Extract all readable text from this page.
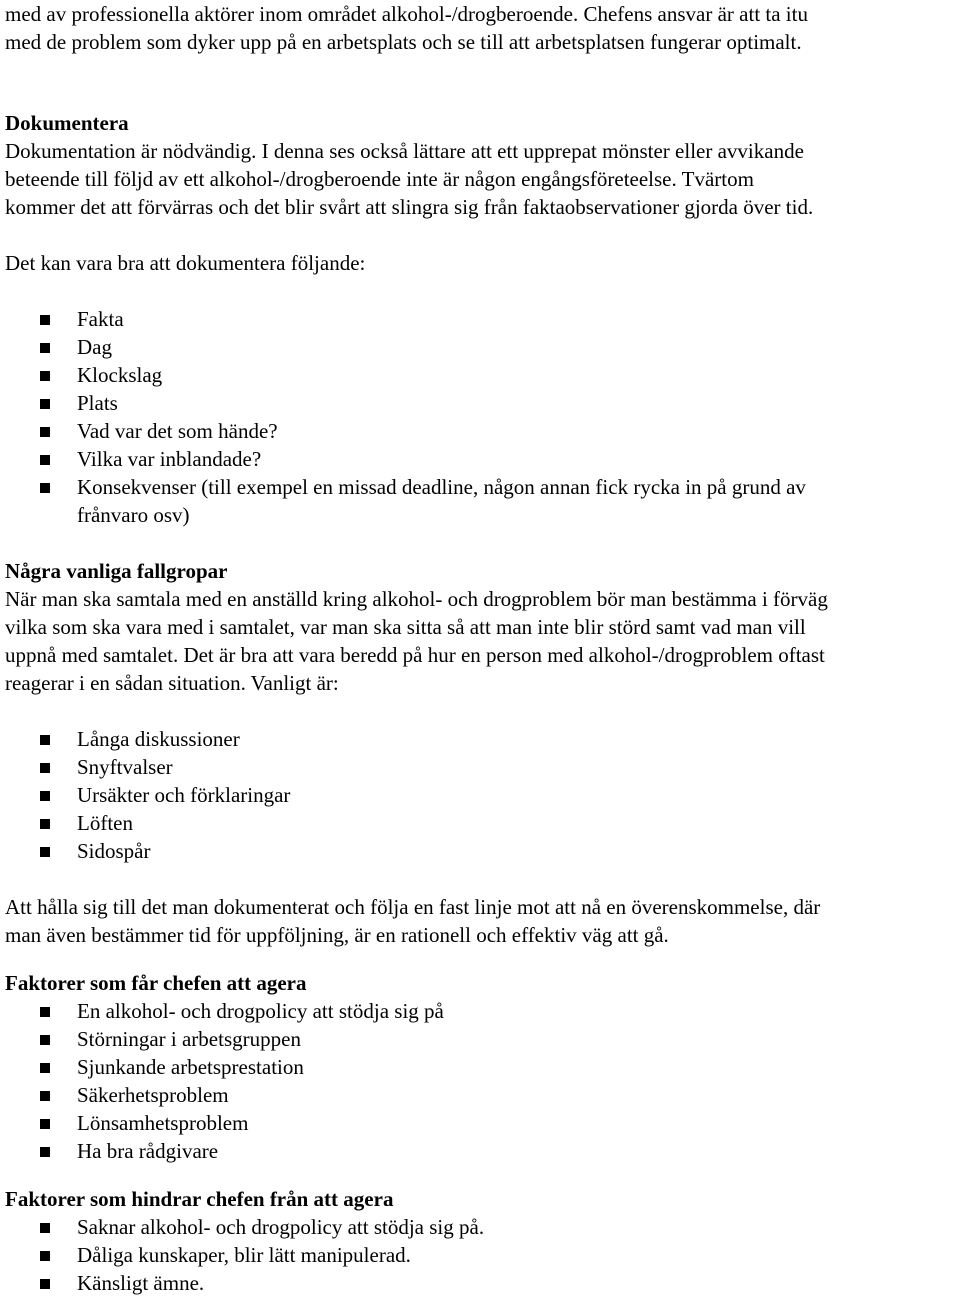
med av professionella aktörer inom området alkohol-/drogberoende. Chefens ansvar är att ta itu

med de problem som dyker upp på en arbetsplats och se till att arbetsplatsen fungerar optimalt.

Dokumentera

Dokumentation är nödvändig. I denna ses också lättare att ett upprepat mönster eller avvikande

beteende till följd av ett alkohol-/drogberoende inte är någon engångsföreteelse. Tvärtom

kommer det att förvärras och det blir svårt att slingra sig från faktaobservationer gjorda över tid.

Det kan vara bra att dokumentera följande:

Fakta
Dag
Klockslag
Plats
Vad var det som hände?
Vilka var inblandade?
Konsekvenser (till exempel en missad deadline, någon annan fick rycka in på grund av
frånvaro osv)

Några vanliga fallgropar

När man ska samtala med en anställd kring alkohol- och drogproblem bör man bestämma i förväg

vilka som ska vara med i samtalet, var man ska sitta så att man inte blir störd samt vad man vill

uppnå med samtalet. Det är bra att vara beredd på hur en person med alkohol-/drogproblem oftast

reagerar i en sådan situation. Vanligt är:

Långa diskussioner
Snyftvalser
Ursäkter och förklaringar
Löften
Sidospår

Att hålla sig till det man dokumenterat och följa en fast linje mot att nå en överenskommelse, där

man även bestämmer tid för uppföljning, är en rationell och effektiv väg att gå.

Faktorer som får chefen att agera

En alkohol- och drogpolicy att stödja sig på
Störningar i arbetsgruppen
Sjunkande arbetsprestation
Säkerhetsproblem
Lönsamhetsproblem
Ha bra rådgivare

Faktorer som hindrar chefen från att agera

Saknar alkohol- och drogpolicy att stödja sig på.
Dåliga kunskaper, blir lätt manipulerad.
Känsligt ämne.
